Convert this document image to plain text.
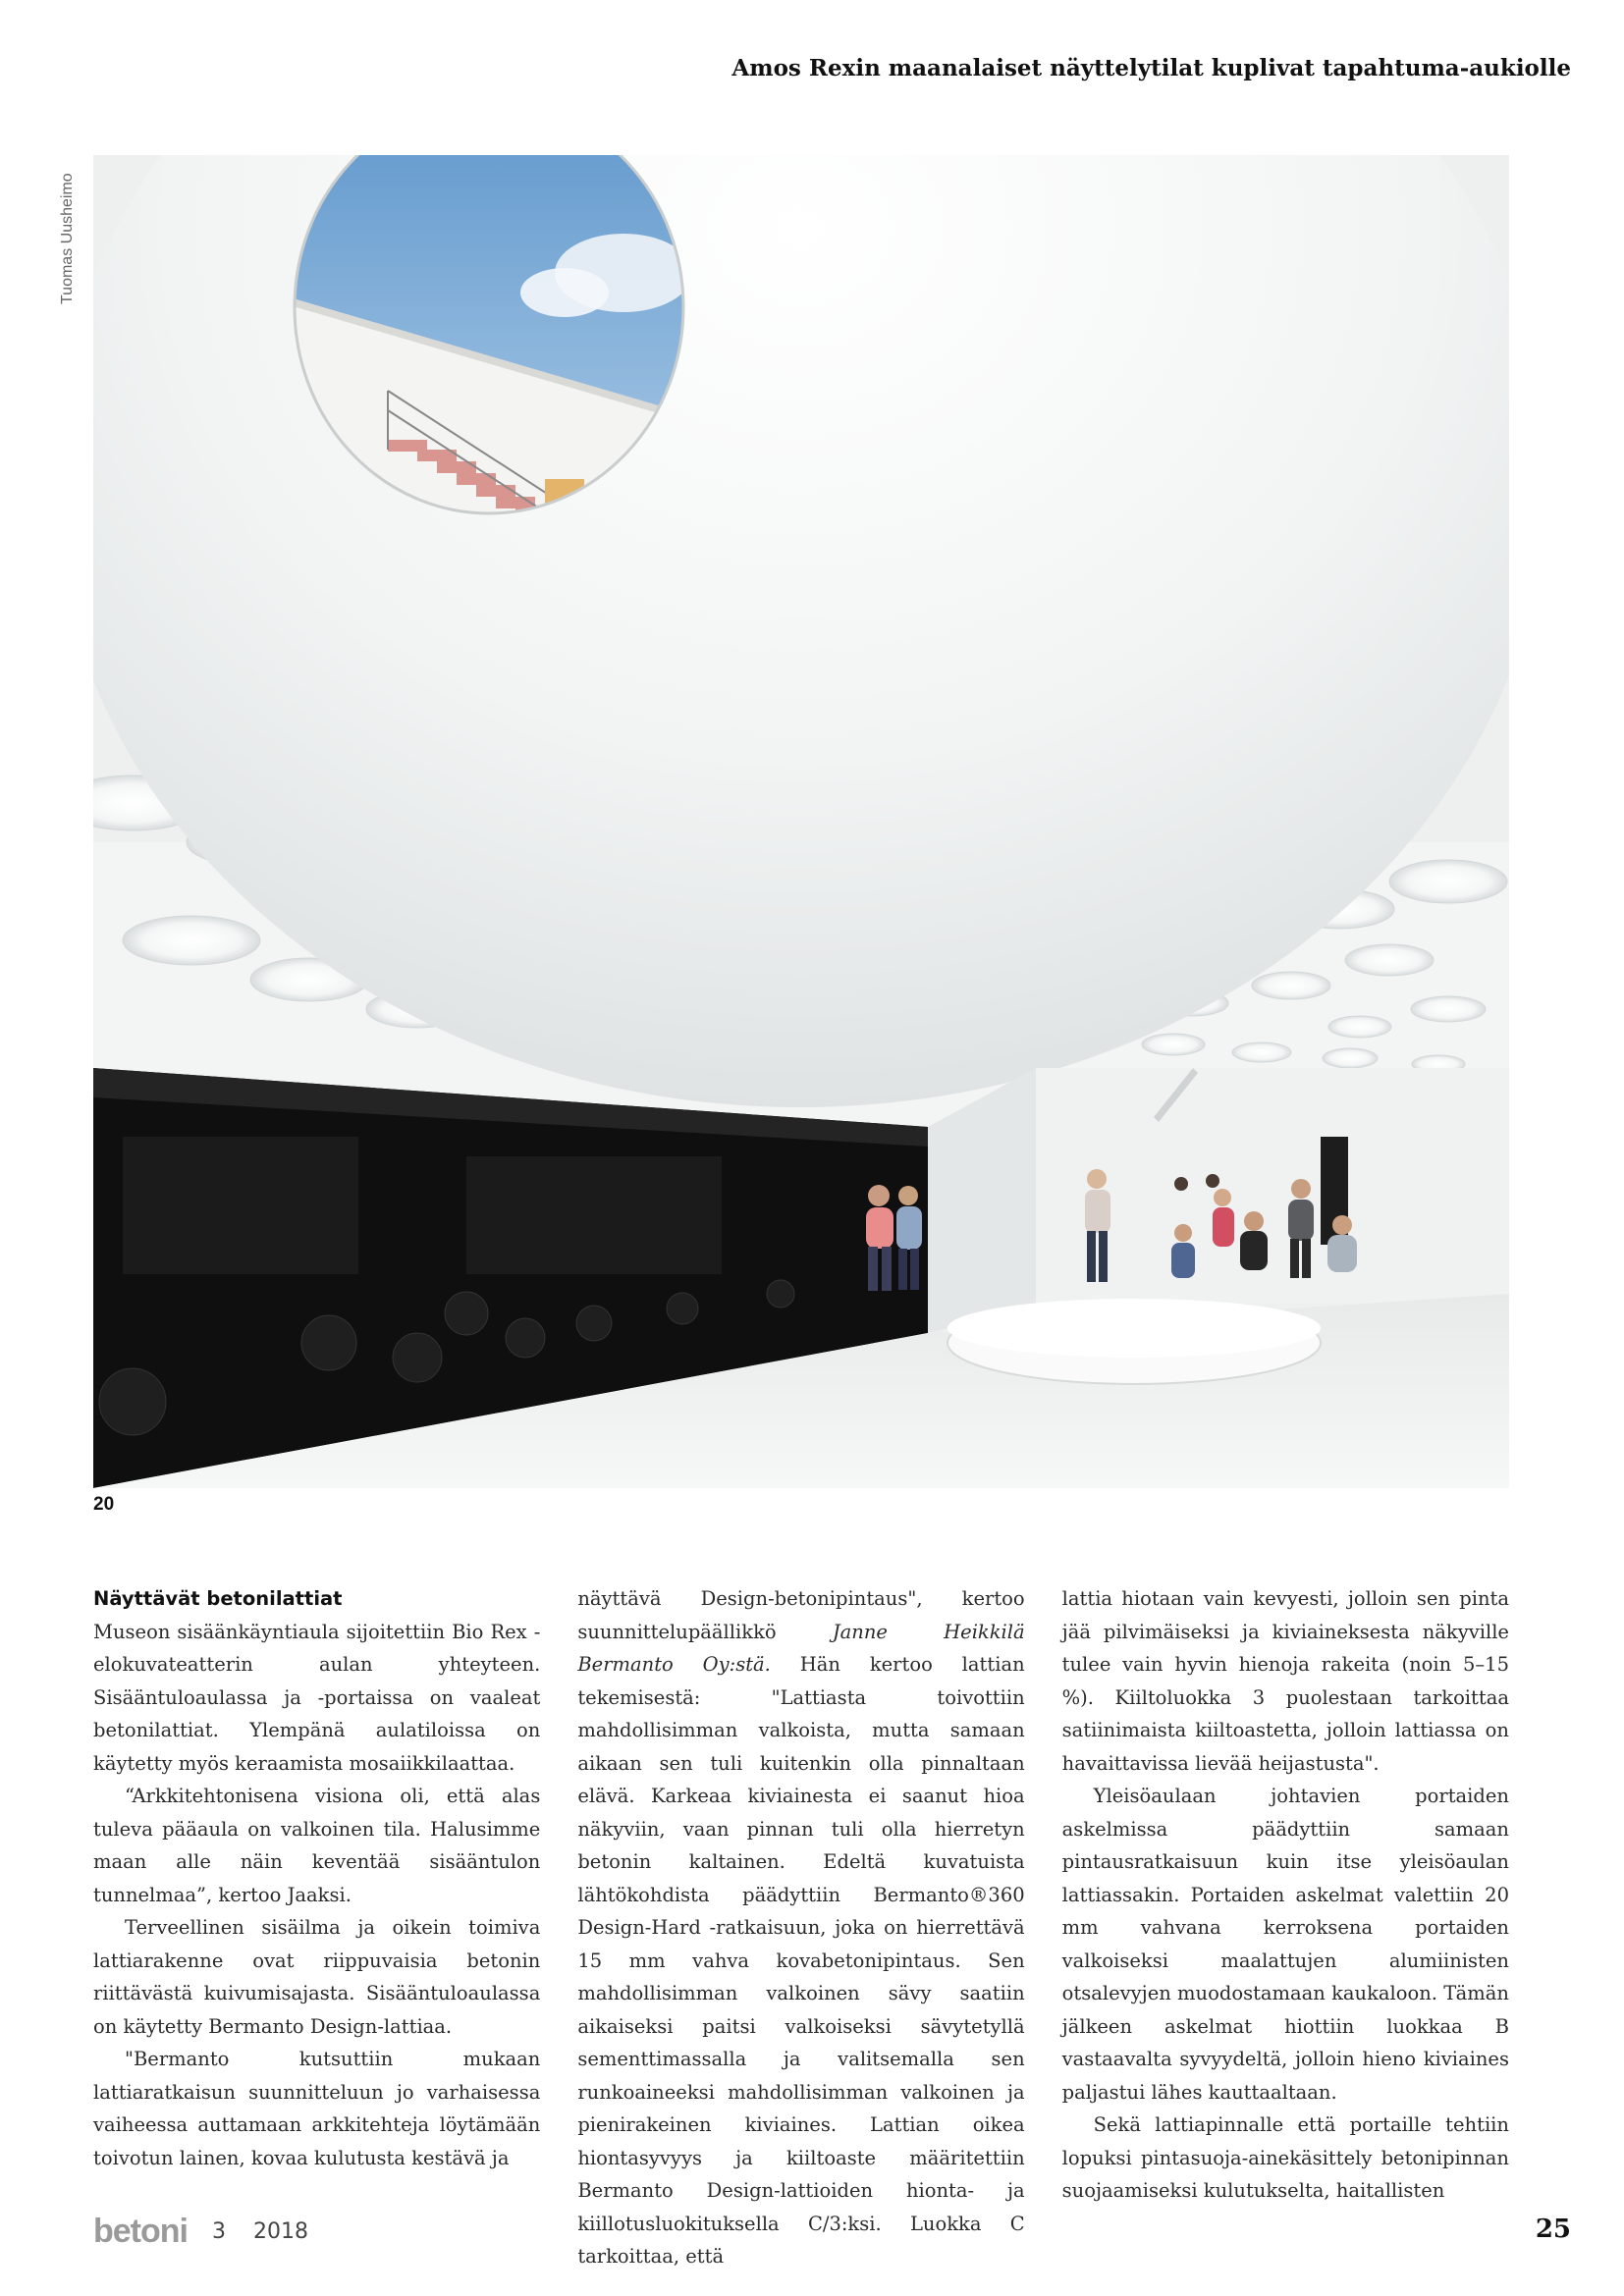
Amos Rexin maanalaiset näyttelytilat kuplivat tapahtuma-aukiolle
Tuomas Uusheimo
20
Näyttävät betonilattiat

Museon sisäänkäyntiaula sijoitettiin Bio Rex -elokuvateatterin aulan yhteyteen. Sisääntuloaulassa ja -portaissa on vaaleat betonilattiat. Ylempänä aulatiloissa on käytetty myös keraamista mosaiikkilaattaa.

“Arkkitehtonisena visiona oli, että alas tuleva pääaula on valkoinen tila. Halusimme maan alle näin keventää sisääntulon tunnelmaa”, kertoo Jaaksi.

Terveellinen sisäilma ja oikein toimiva lattiarakenne ovat riippuvaisia betonin riittävästä kuivumisajasta. Sisääntuloaulassa on käytetty Bermanto Design-lattiaa.

"Bermanto kutsuttiin mukaan lattiaratkaisun suunnitteluun jo varhaisessa vaiheessa auttamaan arkkitehteja löytämään toivotun lainen, kovaa kulutusta kestävä ja

näyttävä Design-betonipintaus", kertoo suunnittelupäällikkö Janne Heikkilä Bermanto Oy:stä. Hän kertoo lattian tekemisestä: "Lattiasta toivottiin mahdollisimman valkoista, mutta samaan aikaan sen tuli kuitenkin olla pinnaltaan elävä. Karkeaa kiviainesta ei saanut hioa näkyviin, vaan pinnan tuli olla hierretyn betonin kaltainen. Edeltä kuvatuista lähtökohdista päädyttiin Bermanto®360 Design-Hard -ratkaisuun, joka on hierrettävä 15 mm vahva kovabetonipintaus. Sen mahdollisimman valkoinen sävy saatiin aikaiseksi paitsi valkoiseksi sävytetyllä sementtimassalla ja valitsemalla sen runkoaineeksi mahdollisimman valkoinen ja pienirakeinen kiviaines. Lattian oikea hiontasyvyys ja kiiltoaste määritettiin Bermanto Design-lattioiden hionta- ja kiillotusluokituksella C/3:ksi. Luokka C tarkoittaa, että

lattia hiotaan vain kevyesti, jolloin sen pinta jää pilvimäiseksi ja kiviaineksesta näkyville tulee vain hyvin hienoja rakeita (noin 5–15 %). Kiiltoluokka 3 puolestaan tarkoittaa satiinimaista kiiltoastetta, jolloin lattiassa on havaittavissa lievää heijastusta".

Yleisöaulaan johtavien portaiden askelmissa päädyttiin samaan pintausratkaisuun kuin itse yleisöaulan lattiassakin. Portaiden askelmat valettiin 20 mm vahvana kerroksena portaiden valkoiseksi maalattujen alumiinisten otsalevyjen muodostamaan kaukaloon. Tämän jälkeen askelmat hiottiin luokkaa B vastaavalta syvyydeltä, jolloin hieno kiviaines paljastui lähes kauttaaltaan.

Sekä lattiapinnalle että portaille tehtiin lopuksi pintasuoja-ainekäsittely betonipinnan suojaamiseksi kulutukselta, haitallisten

betoni 3 2018	25
